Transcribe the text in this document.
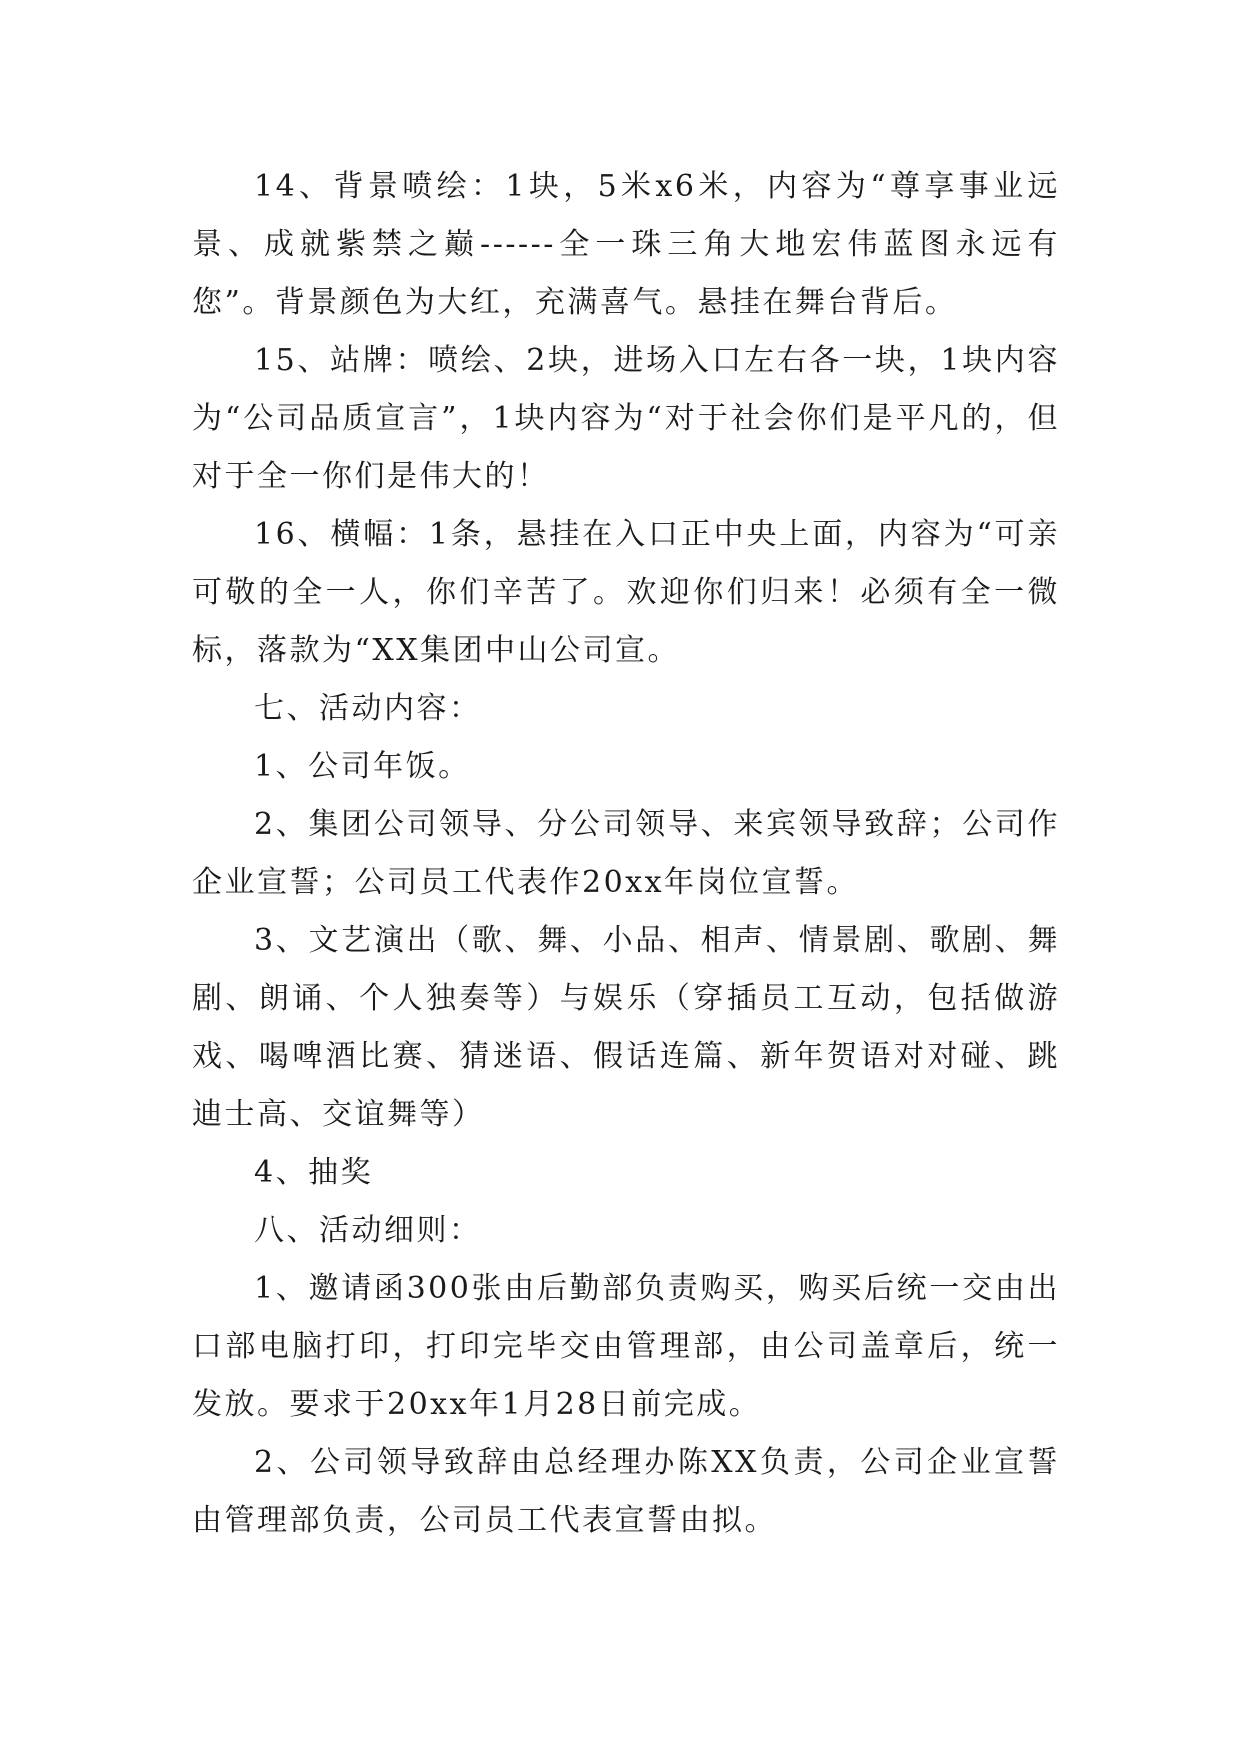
14、背景喷绘：1块，5米x6米，内容为“尊享事业远景、成就紫禁之巅------全一珠三角大地宏伟蓝图永远有您”。背景颜色为大红，充满喜气。悬挂在舞台背后。

15、站牌：喷绘、2块，进场入口左右各一块，1块内容为“公司品质宣言”，1块内容为“对于社会你们是平凡的，但对于全一你们是伟大的！

16、横幅：1条，悬挂在入口正中央上面，内容为“可亲可敬的全一人，你们辛苦了。欢迎你们归来！必须有全一微标，落款为“XX集团中山公司宣。

七、活动内容：

1、公司年饭。

2、集团公司领导、分公司领导、来宾领导致辞；公司作企业宣誓；公司员工代表作20xx年岗位宣誓。

3、文艺演出（歌、舞、小品、相声、情景剧、歌剧、舞剧、朗诵、个人独奏等）与娱乐（穿插员工互动，包括做游戏、喝啤酒比赛、猜迷语、假话连篇、新年贺语对对碰、跳迪士高、交谊舞等）

4、抽奖

八、活动细则：

1、邀请函300张由后勤部负责购买，购买后统一交由出口部电脑打印，打印完毕交由管理部，由公司盖章后，统一发放。要求于20xx年1月28日前完成。

2、公司领导致辞由总经理办陈XX负责，公司企业宣誓由管理部负责，公司员工代表宣誓由拟。
